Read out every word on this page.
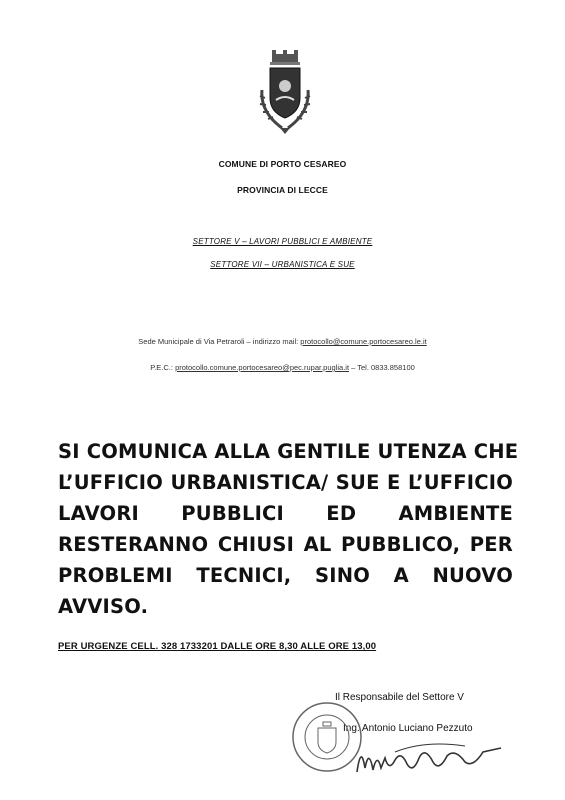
COMUNE DI PORTO CESAREO
PROVINCIA DI LECCE
SETTORE V – LAVORI PUBBLICI E AMBIENTE
SETTORE VII – URBANISTICA E SUE
Sede Municipale di Via Petraroli – indirizzo mail: protocollo@comune.portocesareo.le.it
P.E.C.: protocollo.comune.portocesareo@pec.rupar.puglia.it – Tel. 0833.858100
SI COMUNICA ALLA GENTILE UTENZA CHE
L’UFFICIO URBANISTICA/ SUE E L’UFFICIO
LAVORI PUBBLICI ED AMBIENTE
RESTERANNO CHIUSI AL PUBBLICO, PER
PROBLEMI TECNICI, SINO A NUOVO
AVVISO.
PER URGENZE CELL. 328 1733201 DALLE ORE 8,30 ALLE ORE 13,00
Il Responsabile del Settore V
Ing. Antonio Luciano Pezzuto
